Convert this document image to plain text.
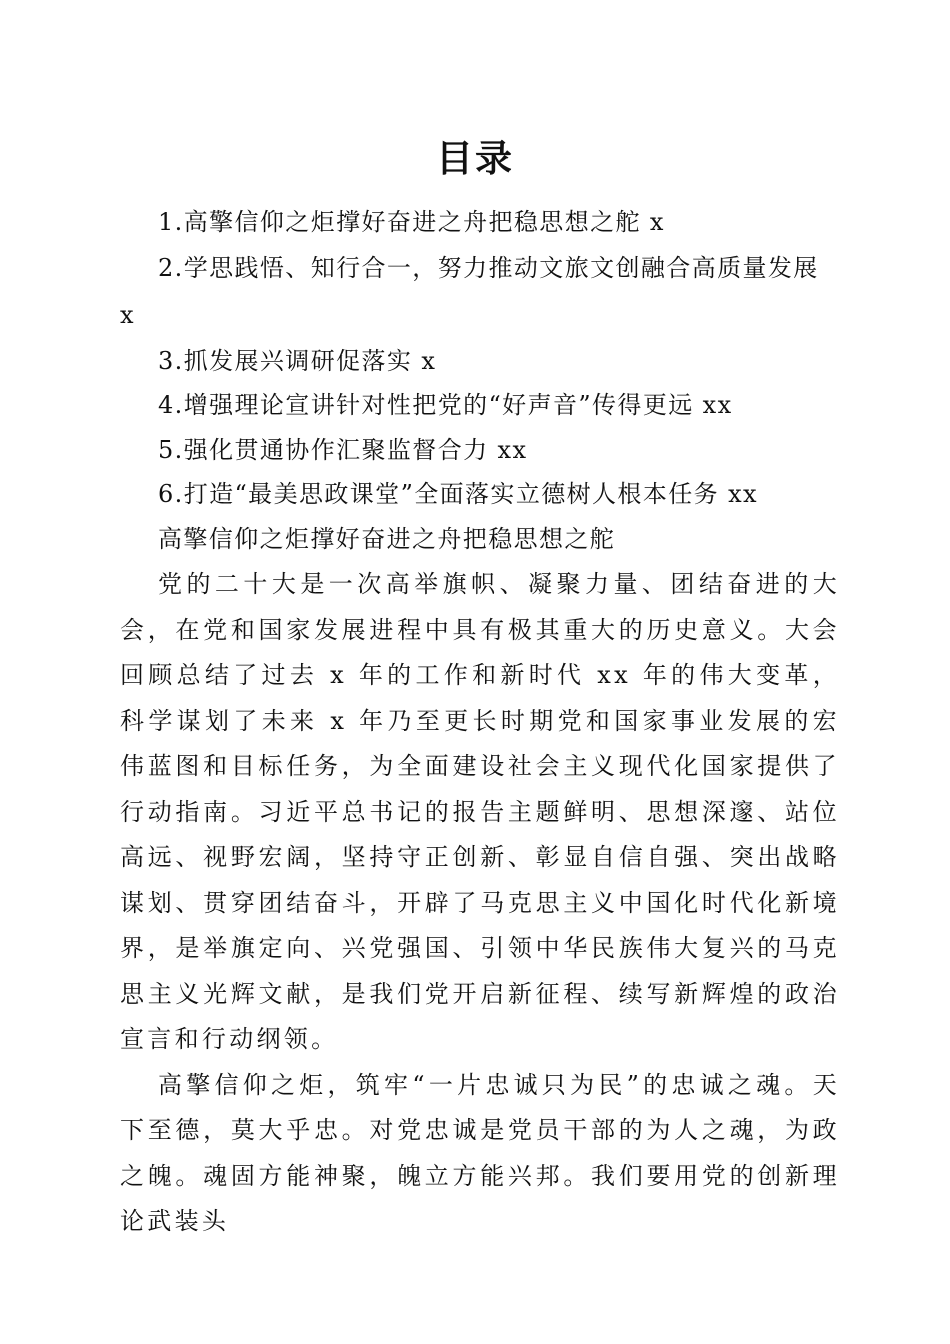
目录
1.高擎信仰之炬撑好奋进之舟把稳思想之舵 x
2.学思践悟、知行合一，努力推动文旅文创融合高质量发展 x
3.抓发展兴调研促落实 x
4.增强理论宣讲针对性把党的“好声音”传得更远 xx
5.强化贯通协作汇聚监督合力 xx
6.打造“最美思政课堂”全面落实立德树人根本任务 xx

高擎信仰之炬撑好奋进之舟把稳思想之舵

党的二十大是一次高举旗帜、凝聚力量、团结奋进的大会，在党和国家发展进程中具有极其重大的历史意义。大会回顾总结了过去 x 年的工作和新时代 xx 年的伟大变革，科学谋划了未来 x 年乃至更长时期党和国家事业发展的宏伟蓝图和目标任务，为全面建设社会主义现代化国家提供了行动指南。习近平总书记的报告主题鲜明、思想深邃、站位高远、视野宏阔，坚持守正创新、彰显自信自强、突出战略谋划、贯穿团结奋斗，开辟了马克思主义中国化时代化新境界，是举旗定向、兴党强国、引领中华民族伟大复兴的马克思主义光辉文献，是我们党开启新征程、续写新辉煌的政治宣言和行动纲领。

高擎信仰之炬，筑牢“一片忠诚只为民”的忠诚之魂。天下至德，莫大乎忠。对党忠诚是党员干部的为人之魂，为政之魄。魂固方能神聚，魄立方能兴邦。我们要用党的创新理论武装头
